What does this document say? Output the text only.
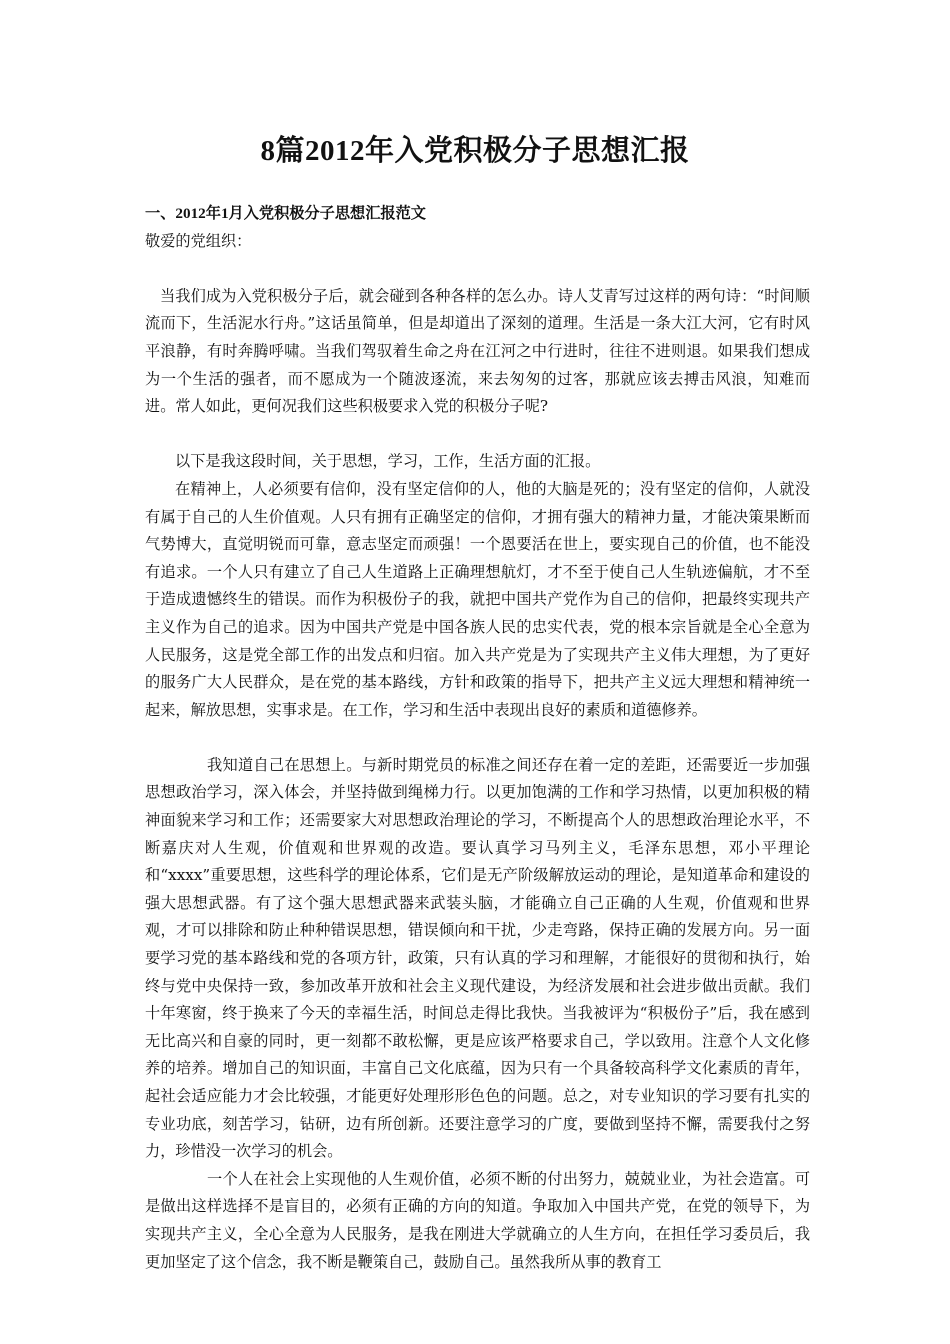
8篇2012年入党积极分子思想汇报

一、2012年1月入党积极分子思想汇报范文

敬爱的党组织：

当我们成为入党积极分子后，就会碰到各种各样的怎么办。诗人艾青写过这样的两句诗：“时间顺流而下，生活泥水行舟。”这话虽简单，但是却道出了深刻的道理。生活是一条大江大河，它有时风平浪静，有时奔腾呼啸。当我们驾驭着生命之舟在江河之中行进时，往往不进则退。如果我们想成为一个生活的强者，而不愿成为一个随波逐流，来去匆匆的过客，那就应该去搏击风浪，知难而进。常人如此，更何况我们这些积极要求入党的积极分子呢?

以下是我这段时间，关于思想，学习，工作，生活方面的汇报。

在精神上，人必须要有信仰，没有坚定信仰的人，他的大脑是死的；没有坚定的信仰，人就没有属于自己的人生价值观。人只有拥有正确坚定的信仰，才拥有强大的精神力量，才能决策果断而气势博大，直觉明锐而可靠，意志坚定而顽强！一个恩要活在世上，要实现自己的价值，也不能没有追求。一个人只有建立了自己人生道路上正确理想航灯，才不至于使自己人生轨迹偏航，才不至于造成遗憾终生的错误。而作为积极份子的我，就把中国共产党作为自己的信仰，把最终实现共产主义作为自己的追求。因为中国共产党是中国各族人民的忠实代表，党的根本宗旨就是全心全意为人民服务，这是党全部工作的出发点和归宿。加入共产党是为了实现共产主义伟大理想，为了更好的服务广大人民群众，是在党的基本路线，方针和政策的指导下，把共产主义远大理想和精神统一起来，解放思想，实事求是。在工作，学习和生活中表现出良好的素质和道德修养。

我知道自己在思想上。与新时期党员的标准之间还存在着一定的差距，还需要近一步加强思想政治学习，深入体会，并坚持做到绳梯力行。以更加饱满的工作和学习热情，以更加积极的精神面貌来学习和工作；还需要家大对思想政治理论的学习，不断提高个人的思想政治理论水平，不断嘉庆对人生观，价值观和世界观的改造。要认真学习马列主义，毛泽东思想，邓小平理论和“xxxx”重要思想，这些科学的理论体系，它们是无产阶级解放运动的理论，是知道革命和建设的强大思想武器。有了这个强大思想武器来武装头脑，才能确立自己正确的人生观，价值观和世界观，才可以排除和防止种种错误思想，错误倾向和干扰，少走弯路，保持正确的发展方向。另一面要学习党的基本路线和党的各项方针，政策，只有认真的学习和理解，才能很好的贯彻和执行，始终与党中央保持一致，参加改革开放和社会主义现代建设，为经济发展和社会进步做出贡献。我们十年寒窗，终于换来了今天的幸福生活，时间总走得比我快。当我被评为“积极份子”后，我在感到无比高兴和自豪的同时，更一刻都不敢松懈，更是应该严格要求自己，学以致用。注意个人文化修养的培养。增加自己的知识面，丰富自己文化底蕴，因为只有一个具备较高科学文化素质的青年，起社会适应能力才会比较强，才能更好处理形形色色的问题。总之，对专业知识的学习要有扎实的专业功底，刻苦学习，钻研，边有所创新。还要注意学习的广度，要做到坚持不懈，需要我付之努力，珍惜没一次学习的机会。

一个人在社会上实现他的人生观价值，必须不断的付出努力，兢兢业业，为社会造富。可是做出这样选择不是盲目的，必须有正确的方向的知道。争取加入中国共产党，在党的领导下，为实现共产主义，全心全意为人民服务，是我在刚进大学就确立的人生方向，在担任学习委员后，我更加坚定了这个信念，我不断是鞭策自己，鼓励自己。虽然我所从事的教育工
